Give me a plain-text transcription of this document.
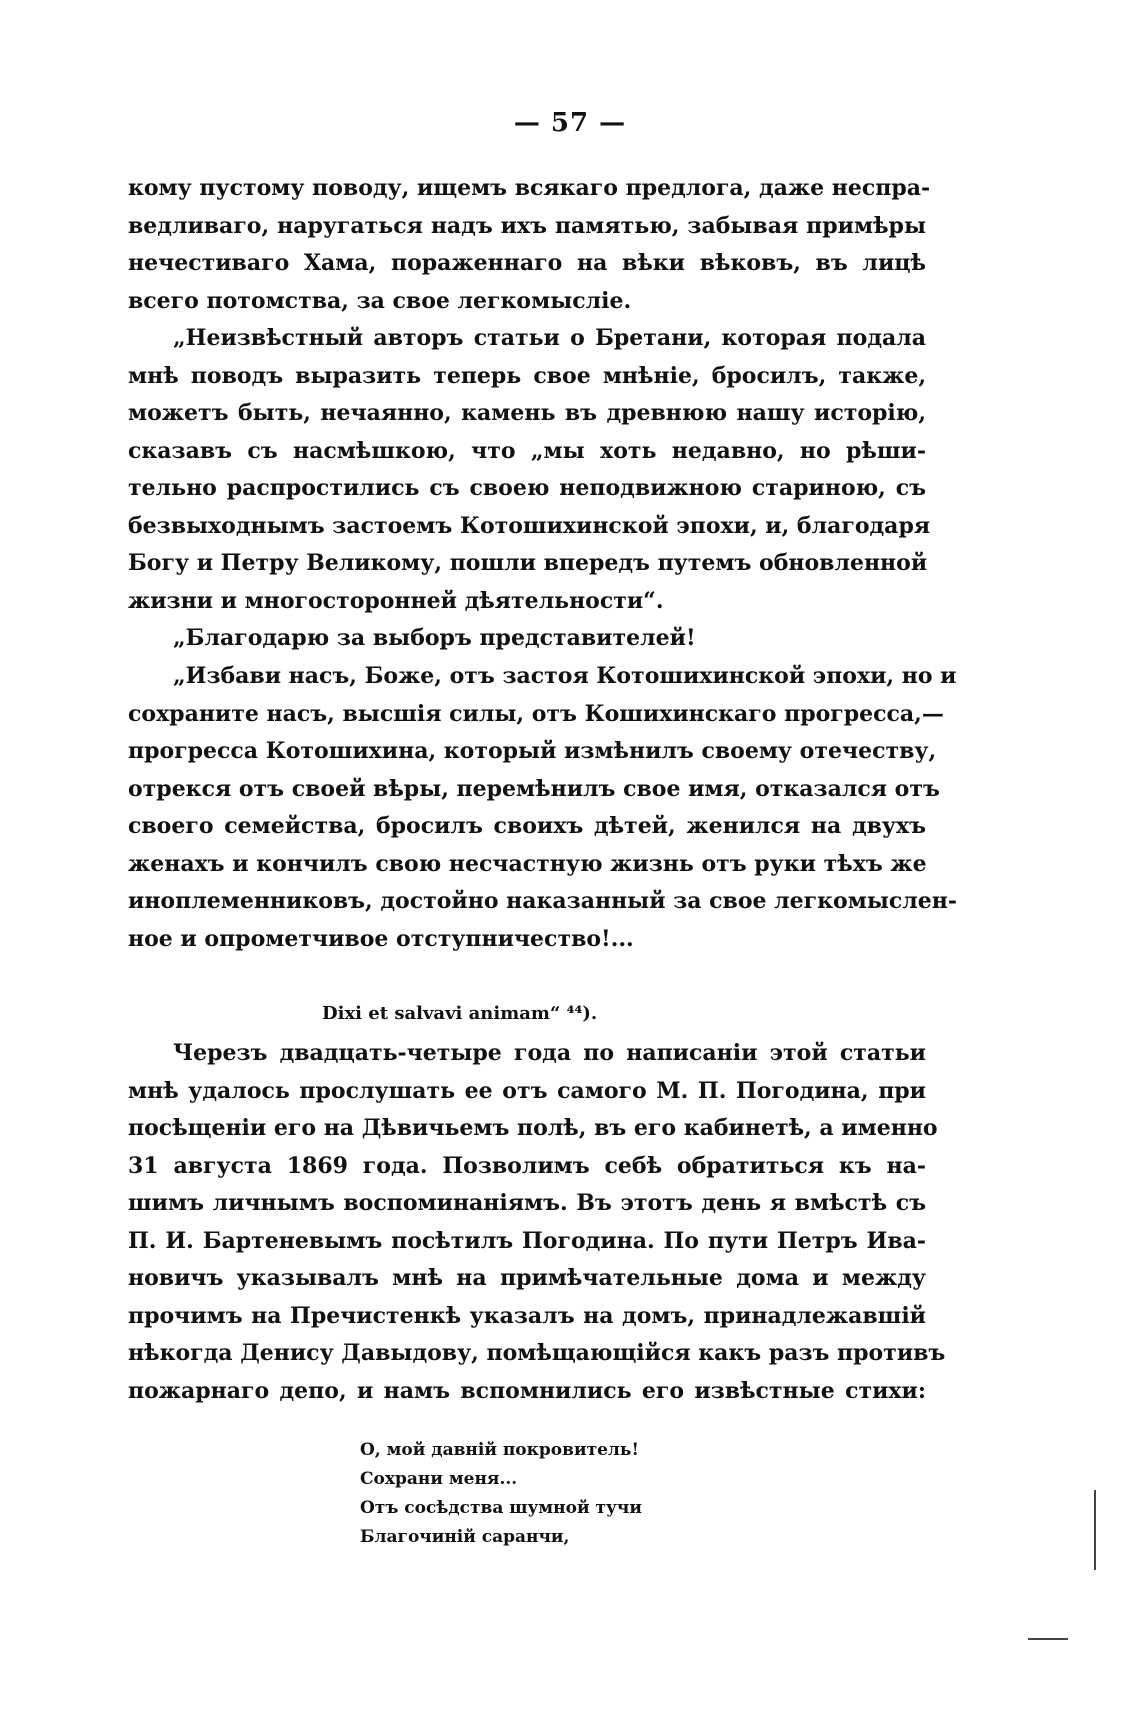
— 57 —
кому пустому поводу, ищемъ всякаго предлога, даже неспра-
ведливаго, наругаться надъ ихъ памятью, забывая примѣры
нечестиваго Хама, пораженнаго на вѣки вѣковъ, въ лицѣ
всего потомства, за свое легкомысліе.
„Неизвѣстный авторъ статьи о Бретани, которая подала
мнѣ поводъ выразить теперь свое мнѣніе, бросилъ, также,
можетъ быть, нечаянно, камень въ древнюю нашу исторію,
сказавъ съ насмѣшкою, что „мы хоть недавно, но рѣши-
тельно распростились съ своею неподвижною стариною, съ
безвыходнымъ застоемъ Котошихинской эпохи, и, благодаря
Богу и Петру Великому, пошли впередъ путемъ обновленной
жизни и многосторонней дѣятельности“.
„Благодарю за выборъ представителей!
„Избави насъ, Боже, отъ застоя Котошихинской эпохи, но и
сохраните насъ, высшія силы, отъ Кошихинскаго прогресса,—
прогресса Котошихина, который измѣнилъ своему отечеству,
отрекся отъ своей вѣры, перемѣнилъ свое имя, отказался отъ
своего семейства, бросилъ своихъ дѣтей, женился на двухъ
женахъ и кончилъ свою несчастную жизнь отъ руки тѣхъ же
иноплеменниковъ, достойно наказанный за свое легкомыслен-
ное и опрометчивое отступничество!...
Dixi et salvavi animam“ ⁴⁴).
Черезъ двадцать-четыре года по написаніи этой статьи
мнѣ удалось прослушать ее отъ самого М. П. Погодина, при
посѣщеніи его на Дѣвичьемъ полѣ, въ его кабинетѣ, а именно
31 августа 1869 года. Позволимъ себѣ обратиться къ на-
шимъ личнымъ воспоминаніямъ. Въ этотъ день я вмѣстѣ съ
П. И. Бартеневымъ посѣтилъ Погодина. По пути Петръ Ива-
новичъ указывалъ мнѣ на примѣчательные дома и между
прочимъ на Пречистенкѣ указалъ на домъ, принадлежавшій
нѣкогда Денису Давыдову, помѣщающійся какъ разъ противъ
пожарнаго депо, и намъ вспомнились его извѣстные стихи:
О, мой давній покровитель!
Сохрани меня...
Отъ сосѣдства шумной тучи
Благочиній саранчи,
